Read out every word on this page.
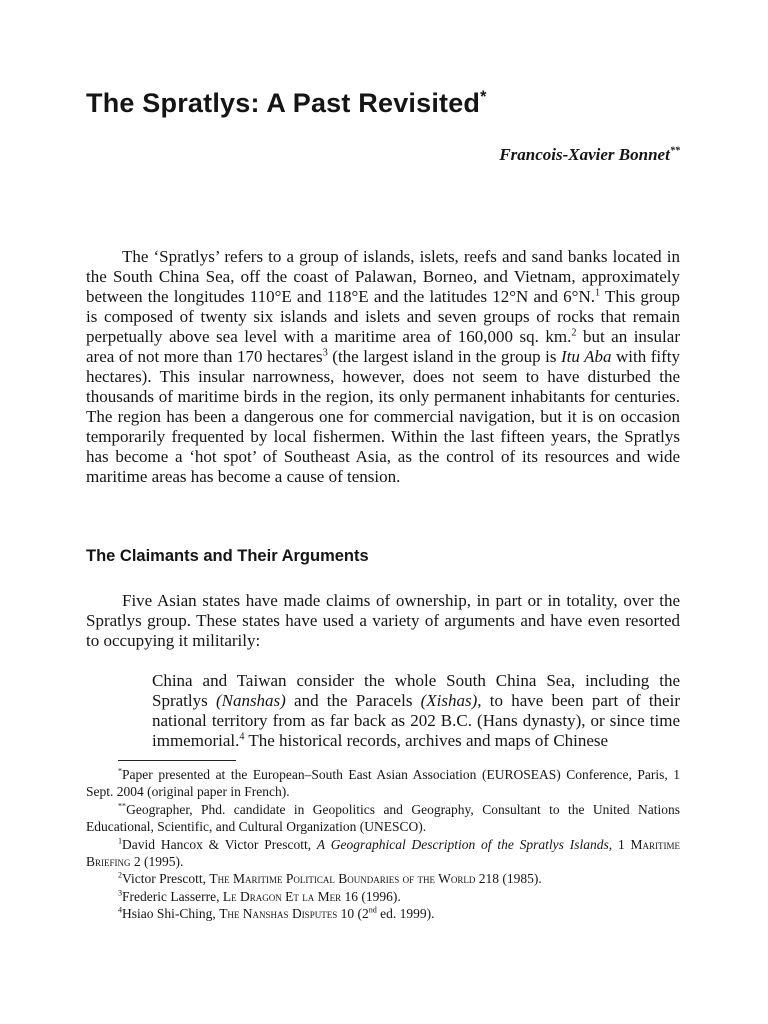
The Spratlys: A Past Revisited*
Francois-Xavier Bonnet**

The ‘Spratlys’ refers to a group of islands, islets, reefs and sand banks located in the South China Sea, off the coast of Palawan, Borneo, and Vietnam, approximately between the longitudes 110°E and 118°E and the latitudes 12°N and 6°N.$^1$ This group is composed of twenty six islands and islets and seven groups of rocks that remain perpetually above sea level with a maritime area of 160,000 sq. km.$^2$ but an insular area of not more than 170 hectares$^3$ (the largest island in the group is Itu Aba with fifty hectares). This insular narrowness, however, does not seem to have disturbed the thousands of maritime birds in the region, its only permanent inhabitants for centuries. The region has been a dangerous one for commercial navigation, but it is on occasion temporarily frequented by local fishermen. Within the last fifteen years, the Spratlys has become a ‘hot spot’ of Southeast Asia, as the control of its resources and wide maritime areas has become a cause of tension.

The Claimants and Their Arguments

Five Asian states have made claims of ownership, in part or in totality, over the Spratlys group. These states have used a variety of arguments and have even resorted to occupying it militarily:

China and Taiwan consider the whole South China Sea, including the Spratlys (Nanshas) and the Paracels (Xishas), to have been part of their national territory from as far back as 202 B.C. (Hans dynasty), or since time immemorial.$^4$ The historical records, archives and maps of Chinese

*Paper presented at the European–South East Asian Association (EUROSEAS) Conference, Paris, 1 Sept. 2004 (original paper in French).

**Geographer, Phd. candidate in Geopolitics and Geography, Consultant to the United Nations Educational, Scientific, and Cultural Organization (UNESCO).

$^1$David Hancox & Victor Prescott, A Geographical Description of the Spratlys Islands, 1 Maritime Briefing 2 (1995).

$^2$Victor Prescott, The Maritime Political Boundaries of the World 218 (1985).

$^3$Frederic Lasserre, Le Dragon Et la Mer 16 (1996).

$^4$Hsiao Shi-Ching, The Nanshas Disputes 10 (2nd ed. 1999).
